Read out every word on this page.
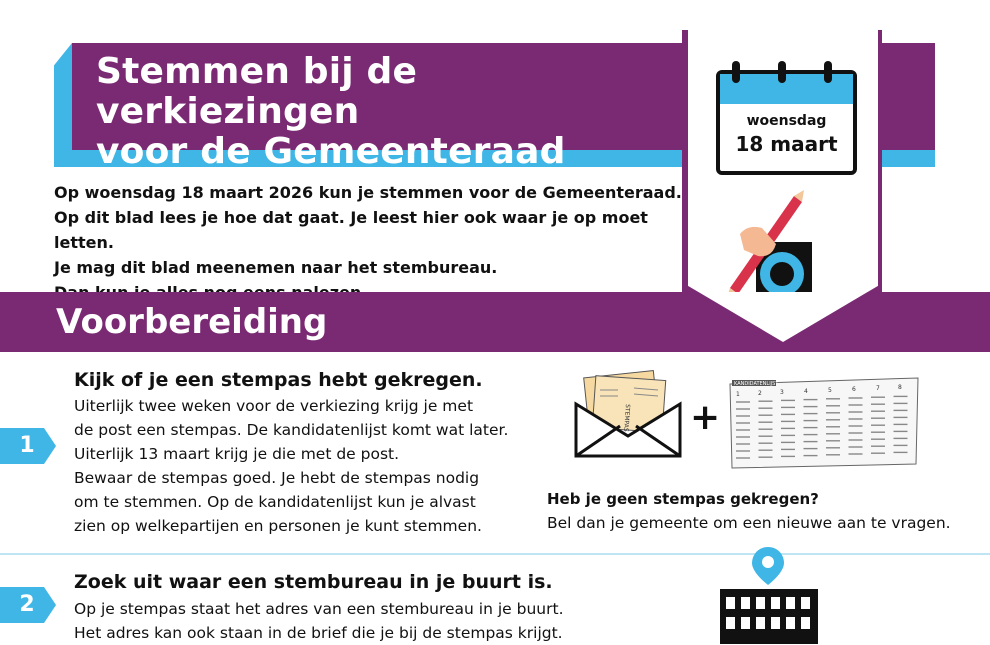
Stemmen bij de verkiezingen
voor de Gemeenteraad
woensdag
18 maart
Op woensdag 18 maart 2026 kun je stemmen voor de Gemeenteraad.
Op dit blad lees je hoe dat gaat. Je leest hier ook waar je op moet letten.
Je mag dit blad meenemen naar het stembureau.
Voorbereiding
1
Kijk of je een stempas hebt gekregen.
Uiterlijk twee weken voor de verkiezing krijg je met
de post een stempas. De kandidatenlijst komt wat later.
Uiterlijk 13 maart krijg je die met de post.
Bewaar de stempas goed. Je hebt de stempas nodig
om te stemmen. Op de kandidatenlijst kun je alvast
zien op welkepartijen en personen je kunt stemmen.
STEMPAS +
KANDIDATENLIJST
1	2	3	4	5	6	7	8
Heb je geen stempas gekregen?
Bel dan je gemeente om een nieuwe aan te vragen.
2
Zoek uit waar een stembureau in je buurt is.
Op je stempas staat het adres van een stembureau in je buurt.
Het adres kan ook staan in de brief die je bij de stempas krijgt.
